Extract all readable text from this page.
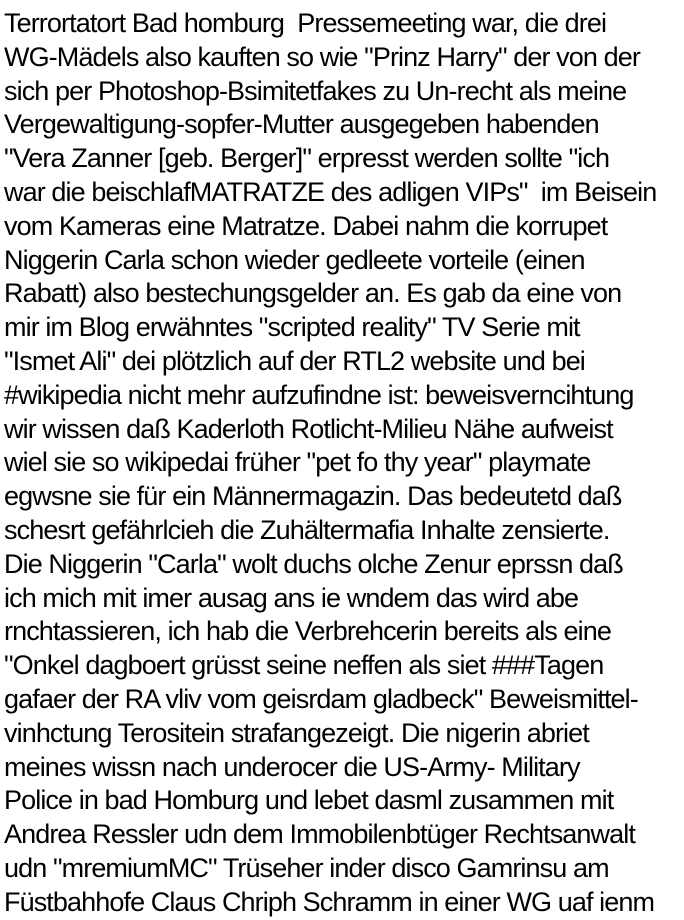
Terrortatort Bad homburg  Pressemeeting war, die drei
WG-Mädels also kauften so wie "Prinz Harry" der von der
sich per Photoshop-Bsimitetfakes zu Un-recht als meine
Vergewaltigung-sopfer-Mutter ausgegeben habenden
"Vera Zanner [geb. Berger]" erpresst werden sollte "ich
war die beischlafMATRATZE des adligen VIPs"  im Beisein
vom Kameras eine Matratze. Dabei nahm die korrupet
Niggerin Carla schon wieder gedleete vorteile (einen
Rabatt) also bestechungsgelder an. Es gab da eine von
mir im Blog erwähntes "scripted reality" TV Serie mit
"Ismet Ali" dei plötzlich auf der RTL2 website und bei
#wikipedia nicht mehr aufzufindne ist: beweisverncihtung
wir wissen daß Kaderloth Rotlicht-Milieu Nähe aufweist
wiel sie so wikipedai früher "pet fo thy year" playmate
egwsne sie für ein Männermagazin. Das bedeutetd daß
schesrt gefährlcieh die Zuhältermafia Inhalte zensierte.
Die Niggerin "Carla" wolt duchs olche Zenur eprssn daß
ich mich mit imer ausag ans ie wndem das wird abe
rnchtassieren, ich hab die Verbrehcerin bereits als eine
"Onkel dagboert grüsst seine neffen als siet ###Tagen
gafaer der RA vliv vom geisrdam gladbeck" Beweismittel-
vinhctung Terositein strafangezeigt. Die nigerin abriet
meines wissn nach underocer die US-Army- Military
Police in bad Homburg und lebet dasml zusammen mit
Andrea Ressler udn dem Immobilenbtüger Rechtsanwalt
udn "mremiumMC" Trüseher inder disco Gamrinsu am
Füstbahhofe Claus Chriph Schramm in einer WG uaf ienm
